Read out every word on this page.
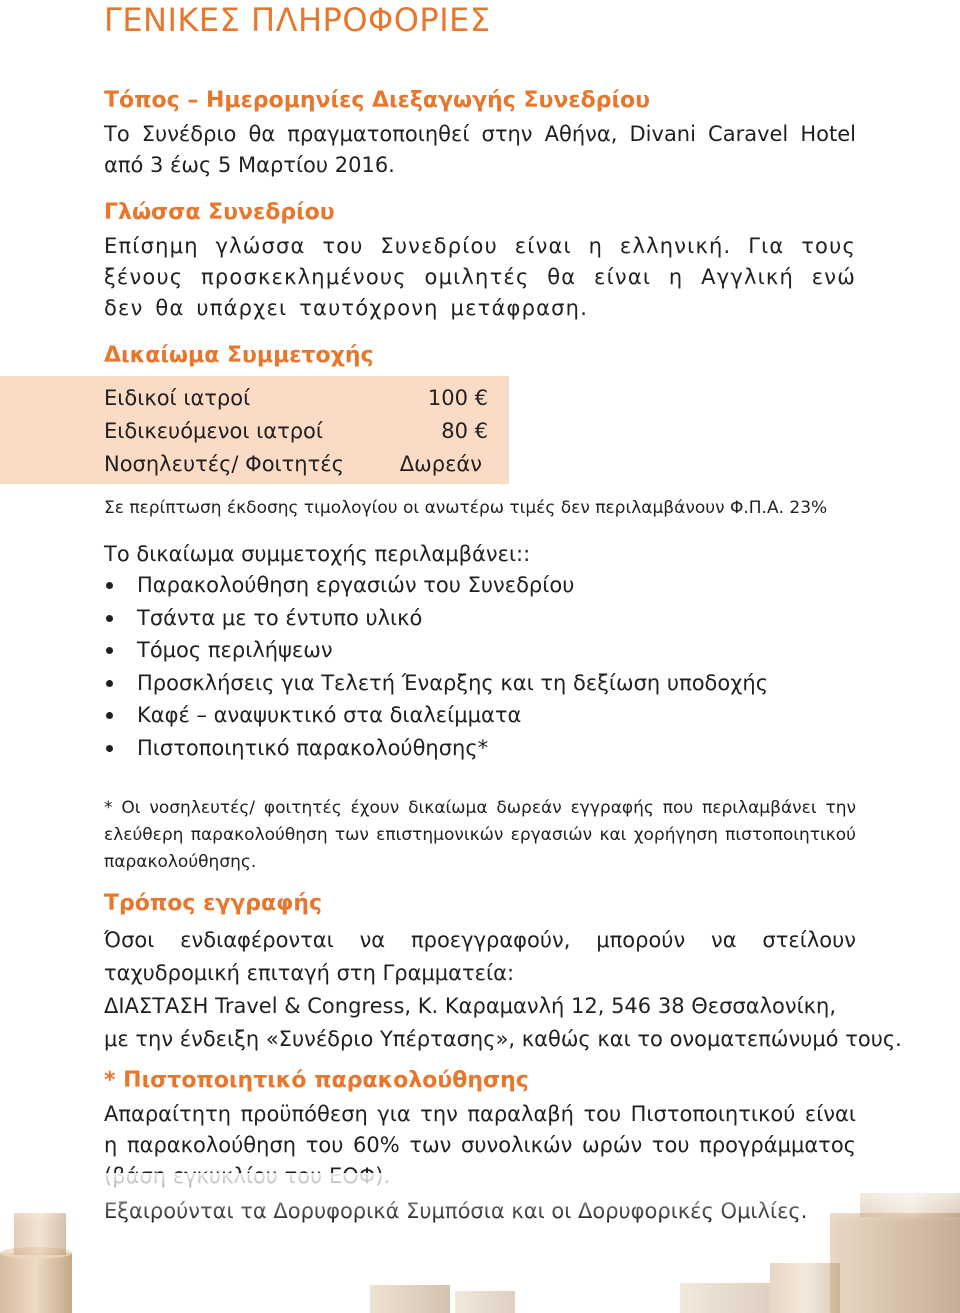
ΓΕΝΙΚΕΣ ΠΛΗΡΟΦΟΡΙΕΣ
Τόπος – Ημερομηνίες Διεξαγωγής Συνεδρίου

Το Συνέδριο θα πραγματοποιηθεί στην Αθήνα, Divani Caravel Hotel από 3 έως 5 Μαρτίου 2016.

Γλώσσα Συνεδρίου

Επίσημη γλώσσα του Συνεδρίου είναι η ελληνική. Για τους ξένους προσκεκλημένους ομιλητές θα είναι η Αγγλική ενώ δεν θα υπάρχει ταυτόχρονη μετάφραση.

Δικαίωμα Συμμετοχής
Ειδικοί ιατροί	100 €
Ειδικευόμενοι ιατροί	80 €
Νοσηλευτές/ Φοιτητές	Δωρεάν
Σε περίπτωση έκδοσης τιμολογίου οι ανωτέρω τιμές δεν περιλαμβάνουν Φ.Π.Α. 23%
Το δικαίωμα συμμετοχής περιλαμβάνει::
Παρακολούθηση εργασιών του Συνεδρίου
Τσάντα με το έντυπο υλικό
Τόμος περιλήψεων
Προσκλήσεις για Τελετή Έναρξης και τη δεξίωση υποδοχής
Καφέ – αναψυκτικό στα διαλείμματα
Πιστοποιητικό παρακολούθησης*

* Οι νοσηλευτές/ φοιτητές έχουν δικαίωμα δωρεάν εγγραφής που περιλαμβάνει την ελεύθερη παρακολούθηση των επιστημονικών εργασιών και χορήγηση πιστοποιητικού παρακολούθησης.

Τρόπος εγγραφής

Όσοι ενδιαφέρονται να προεγγραφούν, μπορούν να στείλουν ταχυδρομική επιταγή στη Γραμματεία:

ΔΙΑΣΤΑΣΗ Travel & Congress, Κ. Καραμανλή 12, 546 38 Θεσσαλονίκη,

με την ένδειξη «Συνέδριο Υπέρτασης», καθώς και το ονοματεπώνυμό τους.

* Πιστοποιητικό παρακολούθησης

Απαραίτητη προϋπόθεση για την παραλαβή του Πιστοποιητικού είναι η παρακολούθηση του 60% των συνολικών ωρών του προγράμματος
